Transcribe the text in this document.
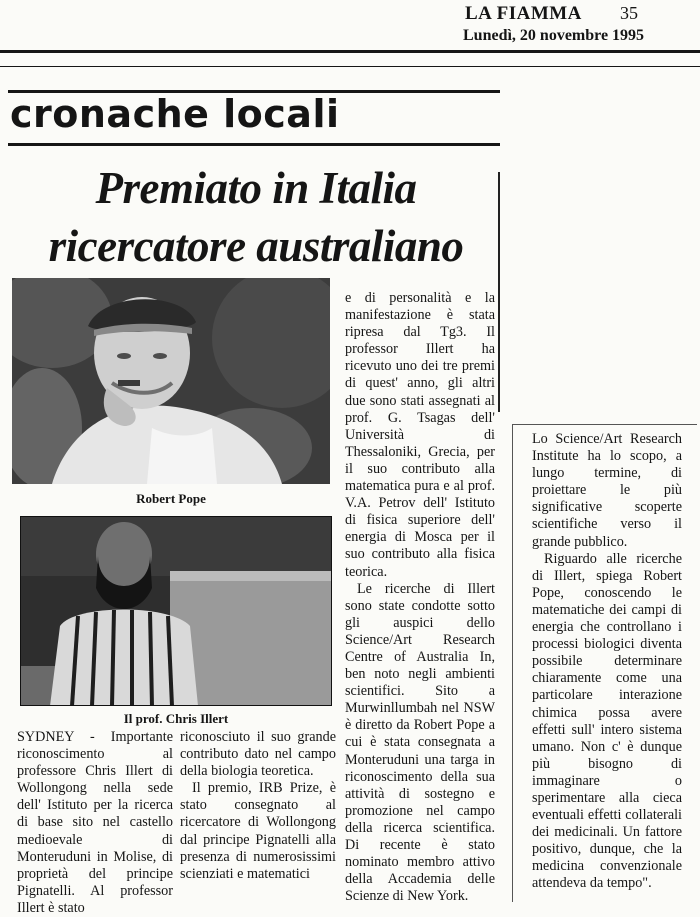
LA FIAMMA 35
Lunedì, 20 novembre 1995
cronache locali
Premiato in Italia
ricercatore australiano
Robert Pope
Il prof. Chris Illert

SYDNEY - Importante riconoscimento al professore Chris Illert di Wollongong nella sede dell' Istituto per la ricerca di base sito nel castello medioevale di Monteruduni in Molise, di proprietà del principe Pignatelli. Al professor Illert è stato

riconosciuto il suo grande contributo dato nel campo della biologia teoretica.

Il premio, IRB Prize, è stato consegnato al ricercatore di Wollongong dal principe Pignatelli alla presenza di numerosissimi scienziati e matematici

e di personalità e la manifestazione è stata ripresa dal Tg3. Il professor Illert ha ricevuto uno dei tre premi di quest' anno, gli altri due sono stati assegnati al prof. G. Tsagas dell' Università di Thessaloniki, Grecia, per il suo contributo alla matematica pura e al prof. V.A. Petrov dell' Istituto di fisica superiore dell' energia di Mosca per il suo contributo alla fisica teorica.

Le ricerche di Illert sono state condotte sotto gli auspici dello Science/Art Research Centre of Australia In, ben noto negli ambienti scientifici. Sito a Murwinllumbah nel NSW è diretto da Robert Pope a cui è stata consegnata a Monteruduni una targa in riconoscimento della sua attività di sostegno e promozione nel campo della ricerca scientifica. Di recente è stato nominato membro attivo della Accademia delle Scienze di New York.

Lo Science/Art Research Institute ha lo scopo, a lungo termine, di proiettare le più significative scoperte scientifiche verso il grande pubblico.

Riguardo alle ricerche di Illert, spiega Robert Pope, conoscendo le matematiche dei campi di energia che controllano i processi biologici diventa possibile determinare chiaramente come una particolare interazione chimica possa avere effetti sull' intero sistema umano. Non c' è dunque più bisogno di immaginare o sperimentare alla cieca eventuali effetti collaterali dei medicinali. Un fattore positivo, dunque, che la medicina convenzionale attendeva da tempo".
